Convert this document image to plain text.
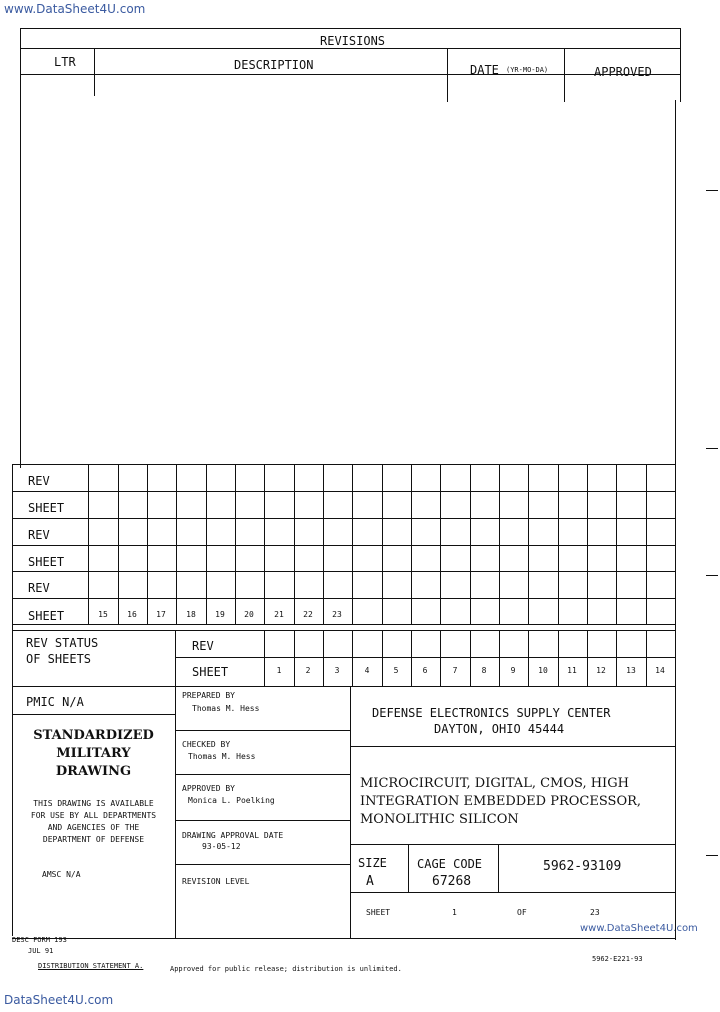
www.DataSheet4U.com
www.DataSheet4U.com
DataSheet4U.com
REVISIONS
LTR	DESCRIPTION	DATE (YR-MO-DA)	APPROVED
REV
SHEET
REV
SHEET
REV
SHEET	15	16	17	18	19	20	21	22	23
REV STATUS
OF SHEETS
REV
SHEET	1	2	3	4	5	6	7	8	9	10	11	12	13	14
PMIC N/A
STANDARDIZED
MILITARY
DRAWING
THIS DRAWING IS AVAILABLE
FOR USE BY ALL DEPARTMENTS
AND AGENCIES OF THE
DEPARTMENT OF DEFENSE
AMSC N/A
PREPARED BY
Thomas M. Hess
CHECKED BY
Thomas M. Hess
APPROVED BY
Monica L. Poelking
DRAWING APPROVAL DATE
93-05-12
REVISION LEVEL
DEFENSE ELECTRONICS SUPPLY CENTER
DAYTON, OHIO 45444
MICROCIRCUIT, DIGITAL, CMOS, HIGH
INTEGRATION EMBEDDED PROCESSOR,
MONOLITHIC SILICON
SIZE
A
CAGE CODE
67268
5962-93109
SHEET	1	OF	23
DESC FORM 193
JUL 91
DISTRIBUTION STATEMENT A.	Approved for public release; distribution is unlimited.
5962-E221-93
